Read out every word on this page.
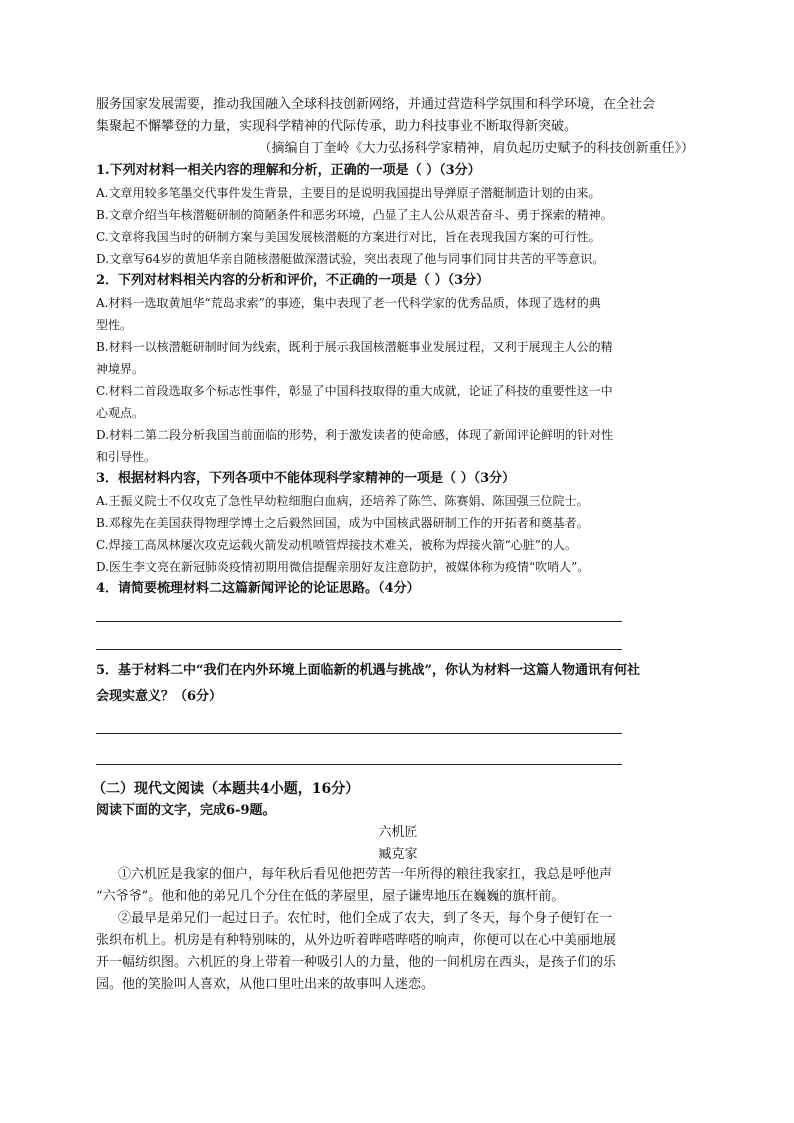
服务国家发展需要，推动我国融入全球科技创新网络，并通过营造科学氛围和科学环境，在全社会
集聚起不懈攀登的力量，实现科学精神的代际传承，助力科技事业不断取得新突破。
（摘编自丁奎岭《大力弘扬科学家精神，肩负起历史赋予的科技创新重任》）
1.下列对材料一相关内容的理解和分析，正确的一项是（ ）（3分）
A.文章用较多笔墨交代事件发生背景，主要目的是说明我国提出导弹原子潜艇制造计划的由来。
B.文章介绍当年核潜艇研制的简陋条件和恶劣环境，凸显了主人公从艰苦奋斗、勇于探索的精神。
C.文章将我国当时的研制方案与美国发展核潜艇的方案进行对比，旨在表现我国方案的可行性。
D.文章写64岁的黄旭华亲自随核潜艇做深潜试验，突出表现了他与同事们同甘共苦的平等意识。
2．下列对材料相关内容的分析和评价，不正确的一项是（ ）（3分）
A.材料一选取黄旭华“荒岛求索”的事迹，集中表现了老一代科学家的优秀品质，体现了选材的典
型性。
B.材料一以核潜艇研制时间为线索，既利于展示我国核潜艇事业发展过程，又利于展现主人公的精
神境界。
C.材料二首段选取多个标志性事件，彰显了中国科技取得的重大成就，论证了科技的重要性这一中
心观点。
D.材料二第二段分析我国当前面临的形势，利于激发读者的使命感，体现了新闻评论鲜明的针对性
和引导性。
3．根据材料内容，下列各项中不能体现科学家精神的一项是（ ）（3分）
A.王振义院士不仅攻克了急性早幼粒细胞白血病，还培养了陈竺、陈赛娟、陈国强三位院士。
B.邓稼先在美国获得物理学博士之后毅然回国，成为中国核武器研制工作的开拓者和奠基者。
C.焊接工高凤林屡次攻克运载火箭发动机喷管焊接技术难关，被称为焊接火箭“心脏”的人。
D.医生李文亮在新冠肺炎疫情初期用微信提醒亲朋好友注意防护，被媒体称为疫情“吹哨人”。
4．请简要梳理材料二这篇新闻评论的论证思路。（4分）
5．基于材料二中“我们在内外环境上面临新的机遇与挑战”，你认为材料一这篇人物通讯有何社
会现实意义？（6分）
（二）现代文阅读（本题共4小题，16分）
阅读下面的文字，完成6-9题。
六机匠
臧克家
①六机匠是我家的佃户，每年秋后看见他把劳苦一年所得的粮往我家扛，我总是呼他声
“六爷爷”。他和他的弟兄几个分住在低的茅屋里，屋子谦卑地压在巍巍的旗杆前。
②最早是弟兄们一起过日子。农忙时，他们全成了农夫，到了冬天，每个身子便钉在一
张织布机上。机房是有种特别味的，从外边听着哔嗒哔嗒的响声，你便可以在心中美丽地展
开一幅纺织图。六机匠的身上带着一种吸引人的力量，他的一间机房在西头，是孩子们的乐
园。他的笑脸叫人喜欢，从他口里吐出来的故事叫人迷恋。
